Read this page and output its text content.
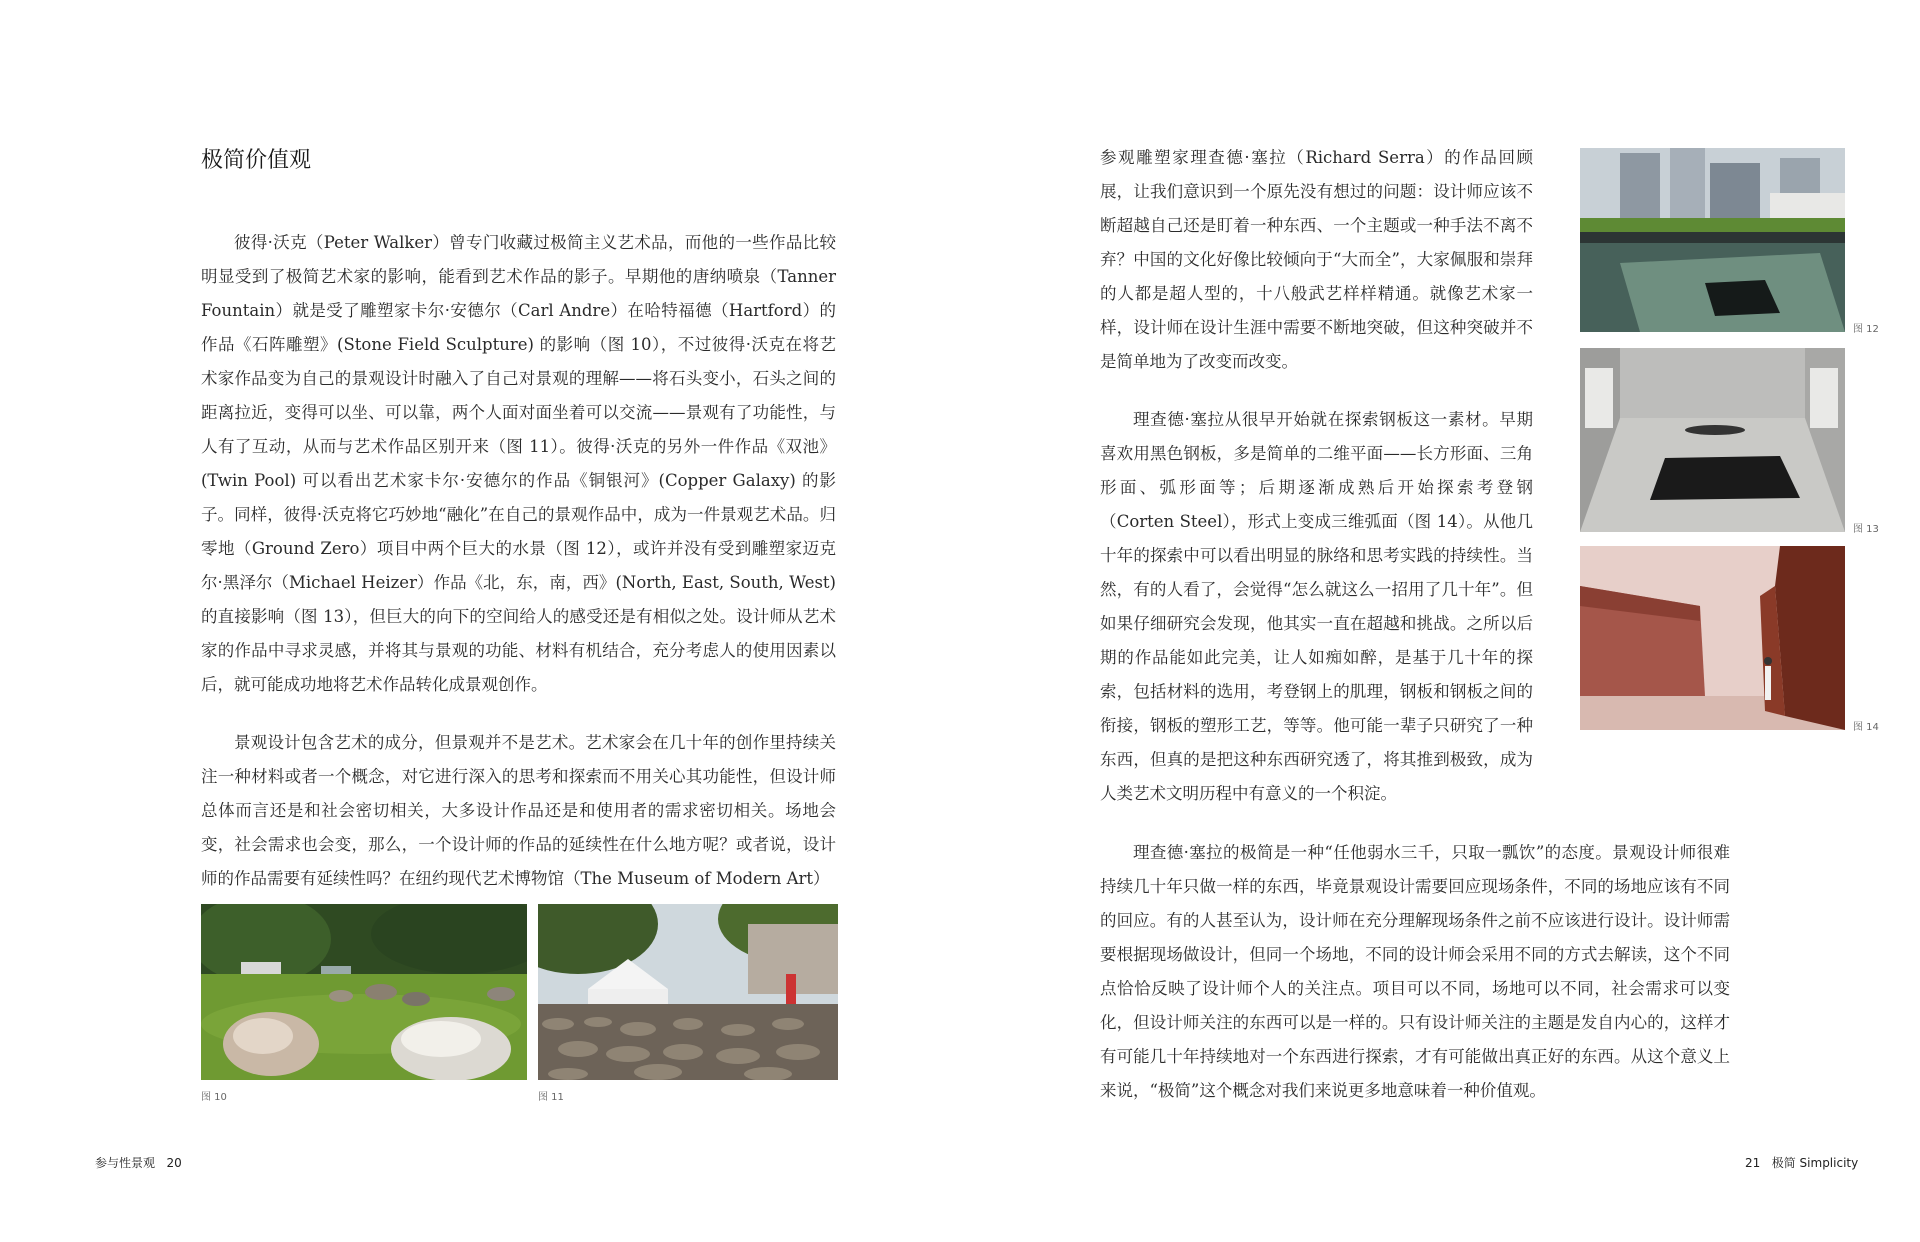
极简价值观

彼得·沃克（Peter Walker）曾专门收藏过极简主义艺术品，而他的一些作品比较明显受到了极简艺术家的影响，能看到艺术作品的影子。早期他的唐纳喷泉（Tanner Fountain）就是受了雕塑家卡尔·安德尔（Carl Andre）在哈特福德（Hartford）的作品《石阵雕塑》(Stone Field Sculpture) 的影响（图 10），不过彼得·沃克在将艺术家作品变为自己的景观设计时融入了自己对景观的理解——将石头变小，石头之间的距离拉近，变得可以坐、可以靠，两个人面对面坐着可以交流——景观有了功能性，与人有了互动，从而与艺术作品区别开来（图 11）。彼得·沃克的另外一件作品《双池》(Twin Pool) 可以看出艺术家卡尔·安德尔的作品《铜银河》(Copper Galaxy) 的影子。同样，彼得·沃克将它巧妙地“融化”在自己的景观作品中，成为一件景观艺术品。归零地（Ground Zero）项目中两个巨大的水景（图 12），或许并没有受到雕塑家迈克尔·黑泽尔（Michael Heizer）作品《北，东，南，西》(North, East, South, West) 的直接影响（图 13），但巨大的向下的空间给人的感受还是有相似之处。设计师从艺术家的作品中寻求灵感，并将其与景观的功能、材料有机结合，充分考虑人的使用因素以后，就可能成功地将艺术作品转化成景观创作。

景观设计包含艺术的成分，但景观并不是艺术。艺术家会在几十年的创作里持续关注一种材料或者一个概念，对它进行深入的思考和探索而不用关心其功能性，但设计师总体而言还是和社会密切相关，大多设计作品还是和使用者的需求密切相关。场地会变，社会需求也会变，那么，一个设计师的作品的延续性在什么地方呢？或者说，设计师的作品需要有延续性吗？在纽约现代艺术博物馆（The Museum of Modern Art）

图 10	图 11
参与性景观 20

参观雕塑家理查德·塞拉（Richard Serra）的作品回顾展，让我们意识到一个原先没有想过的问题：设计师应该不断超越自己还是盯着一种东西、一个主题或一种手法不离不弃？中国的文化好像比较倾向于“大而全”，大家佩服和崇拜的人都是超人型的，十八般武艺样样精通。就像艺术家一样，设计师在设计生涯中需要不断地突破，但这种突破并不是简单地为了改变而改变。

理查德·塞拉从很早开始就在探索钢板这一素材。早期喜欢用黑色钢板，多是简单的二维平面——长方形面、三角形面、弧形面等；后期逐渐成熟后开始探索考登钢（Corten Steel），形式上变成三维弧面（图 14）。从他几十年的探索中可以看出明显的脉络和思考实践的持续性。当然，有的人看了，会觉得“怎么就这么一招用了几十年”。但如果仔细研究会发现，他其实一直在超越和挑战。之所以后期的作品能如此完美，让人如痴如醉，是基于几十年的探索，包括材料的选用，考登钢上的肌理，钢板和钢板之间的衔接，钢板的塑形工艺，等等。他可能一辈子只研究了一种东西，但真的是把这种东西研究透了，将其推到极致，成为人类艺术文明历程中有意义的一个积淀。

理查德·塞拉的极简是一种“任他弱水三千，只取一瓢饮”的态度。景观设计师很难持续几十年只做一样的东西，毕竟景观设计需要回应现场条件，不同的场地应该有不同的回应。有的人甚至认为，设计师在充分理解现场条件之前不应该进行设计。设计师需要根据现场做设计，但同一个场地，不同的设计师会采用不同的方式去解读，这个不同点恰恰反映了设计师个人的关注点。项目可以不同，场地可以不同，社会需求可以变化，但设计师关注的东西可以是一样的。只有设计师关注的主题是发自内心的，这样才有可能几十年持续地对一个东西进行探索，才有可能做出真正好的东西。从这个意义上来说，“极简”这个概念对我们来说更多地意味着一种价值观。

图 12
图 13
图 14
21 极简 Simplicity
